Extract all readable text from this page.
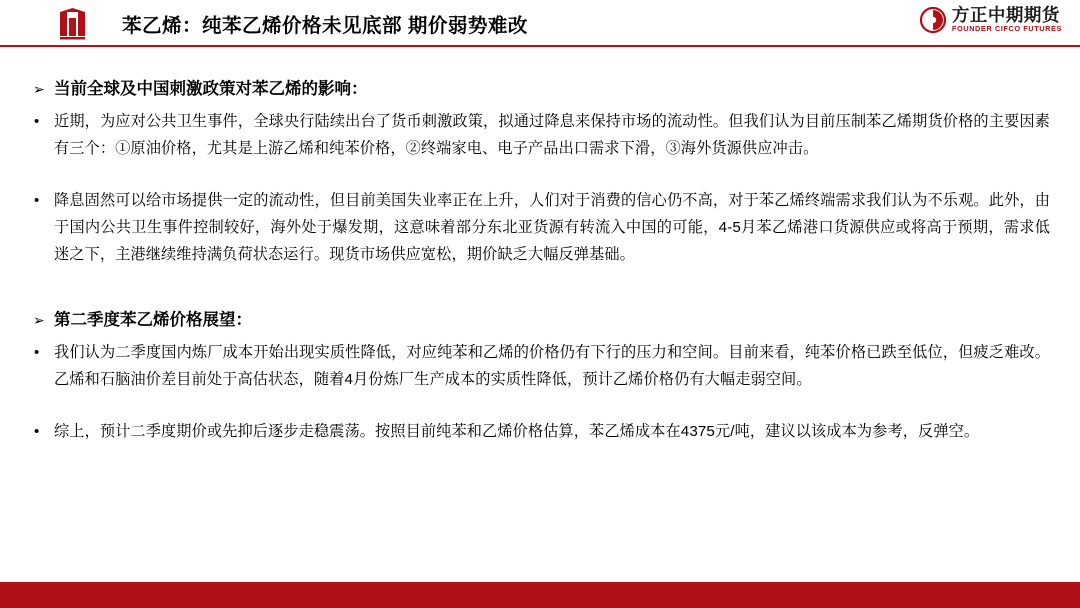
苯乙烯：纯苯乙烯价格未见底部 期价弱势难改	方正中期期货
FOUNDER CIFCO FUTURES
➢ 当前全球及中国刺激政策对苯乙烯的影响：
• 近期，为应对公共卫生事件，全球央行陆续出台了货币刺激政策，拟通过降息来保持市场的流动性。但我们认为目前压制苯乙烯期货价格的主要因素有三个：①原油价格，尤其是上游乙烯和纯苯价格，②终端家电、电子产品出口需求下滑，③海外货源供应冲击。
• 降息固然可以给市场提供一定的流动性，但目前美国失业率正在上升，人们对于消费的信心仍不高，对于苯乙烯终端需求我们认为不乐观。此外，由于国内公共卫生事件控制较好，海外处于爆发期，这意味着部分东北亚货源有转流入中国的可能，4-5月苯乙烯港口货源供应或将高于预期，需求低迷之下，主港继续维持满负荷状态运行。现货市场供应宽松，期价缺乏大幅反弹基础。
➢ 第二季度苯乙烯价格展望：
• 我们认为二季度国内炼厂成本开始出现实质性降低，对应纯苯和乙烯的价格仍有下行的压力和空间。目前来看，纯苯价格已跌至低位，但疲乏难改。乙烯和石脑油价差目前处于高估状态，随着4月份炼厂生产成本的实质性降低，预计乙烯价格仍有大幅走弱空间。
• 综上，预计二季度期价或先抑后逐步走稳震荡。按照目前纯苯和乙烯价格估算，苯乙烯成本在4375元/吨，建议以该成本为参考，反弹空。
